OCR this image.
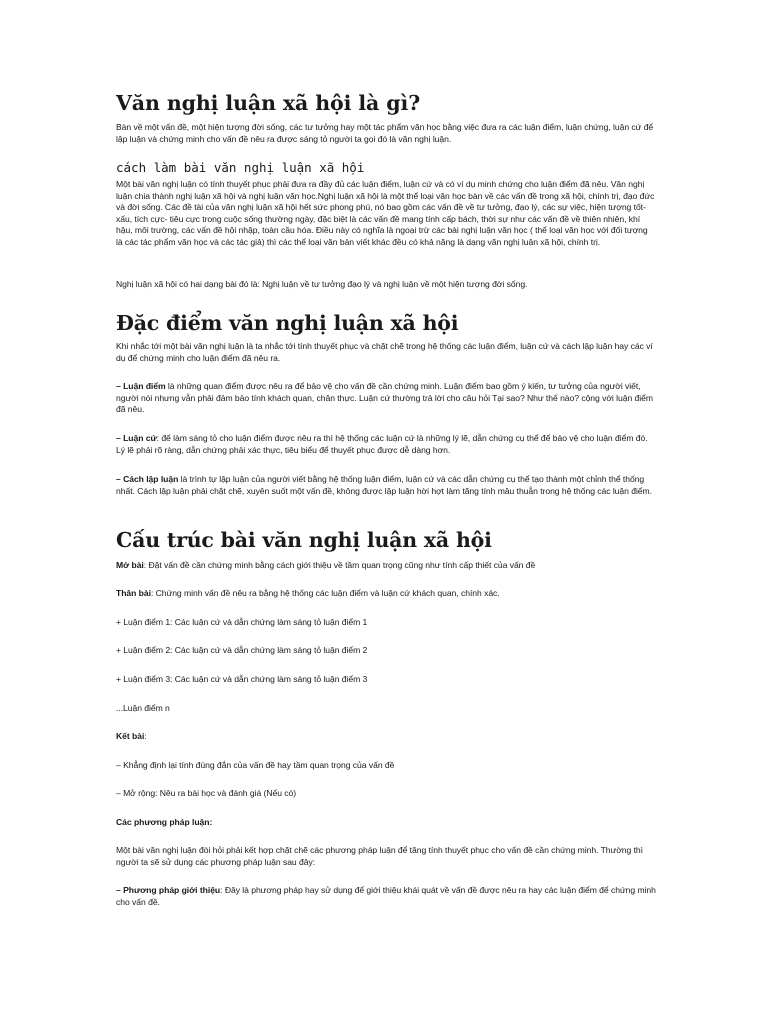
Văn nghị luận xã hội là gì?

Bàn về một vấn đề, một hiện tượng đời sống, các tư tưởng hay một tác phẩm văn học bằng việc đưa ra các luận điểm, luận chứng, luận cứ để lập luận và chứng minh cho vấn đề nêu ra được sáng tỏ người ta gọi đó là văn nghị luận.

cách làm bài văn nghị luận xã hội

Một bài văn nghị luận có tính thuyết phục phải đưa ra đầy đủ các luận điểm, luận cứ và có ví dụ minh chứng cho luận điểm đã nêu. Văn nghị luận chia thành nghị luận xã hội và nghị luận văn học.Nghị luận xã hội là một thể loại văn học bàn về các vấn đề trong xã hội, chính trị, đạo đức và đời sống. Các đề tài của văn nghị luận xã hội hết sức phong phú, nó bao gồm các vấn đề về tư tưởng, đạo lý, các sự việc, hiện tượng tốt- xấu, tích cực- tiêu cực trong cuộc sống thường ngày, đặc biệt là các vấn đề mang tính cấp bách, thời sự như các vấn đề về thiên nhiên, khí hậu, môi trường, các vấn đề hội nhập, toàn cầu hóa. Điều này có nghĩa là ngoại trừ các bài nghị luận văn học ( thể loại văn học với đối tượng là các tác phẩm văn học và các tác giả) thì các thể loại văn bản viết khác đều có khả năng là dạng văn nghị luận xã hội, chính trị.

Nghị luận xã hội có hai dạng bài đó là: Nghị luận về tư tưởng đạo lý và nghị luận về một hiện tượng đời sống.

Đặc điểm văn nghị luận xã hội

Khi nhắc tới một bài văn nghị luận là ta nhắc tới tính thuyết phục và chặt chẽ trong hệ thống các luận điểm, luận cứ và cách lập luận hay các ví dụ để chứng minh cho luận điểm đã nêu ra.

– Luận điểm là những quan điểm được nêu ra để bảo vệ cho vấn đề cần chứng minh. Luận điểm bao gồm ý kiến, tư tưởng của người viết, người nói nhưng vẫn phải đảm bảo tính khách quan, chân thực. Luận cứ thường trả lời cho câu hỏi Tại sao? Như thế nào? cộng với luận điểm đã nêu.

– Luận cứ: để làm sáng tỏ cho luận điểm được nêu ra thì hệ thống các luận cứ là những lý lẽ, dẫn chứng cụ thể để bảo vệ cho luận điểm đó. Lý lẽ phải rõ ràng, dẫn chứng phải xác thực, tiêu biểu để thuyết phục được dễ dàng hơn.

– Cách lập luận là trình tự lập luận của người viết bằng hệ thống luận điểm, luận cứ và các dẫn chứng cụ thể tạo thành một chỉnh thể thống nhất. Cách lập luận phải chặt chẽ, xuyên suốt một vấn đề, không được lập luận hời hợt làm tăng tính mâu thuẫn trong hệ thống các luận điểm.

Cấu trúc bài văn nghị luận xã hội

Mở bài: Đặt vấn đề cần chứng minh bằng cách giới thiệu về tầm quan trọng cũng như tính cấp thiết của vấn đề

Thân bài: Chứng minh vấn đề nêu ra bằng hệ thống các luận điểm và luận cứ khách quan, chính xác.

+ Luận điểm 1: Các luận cứ và dẫn chứng làm sáng tỏ luận điểm 1

+ Luận điểm 2: Các luận cứ và dẫn chứng làm sáng tỏ luận điểm 2

+ Luận điểm 3: Các luận cứ và dẫn chứng làm sáng tỏ luận điểm 3

...Luận điểm n

Kết bài:

– Khẳng định lại tính đúng đắn của vấn đề hay tầm quan trọng của vấn đề

– Mở rộng: Nêu ra bài học và đánh giá (Nếu có)

Các phương pháp luận:

Một bài văn nghị luận đòi hỏi phải kết hợp chặt chẽ các phương pháp luận để tăng tính thuyết phục cho vấn đề cần chứng minh. Thường thì người ta sẽ sử dụng các phương pháp luận sau đây:

– Phương pháp giới thiệu: Đây là phương pháp hay sử dụng để giới thiệu khái quát về vấn đề được nêu ra hay các luận điểm để chứng minh cho vấn đề.
